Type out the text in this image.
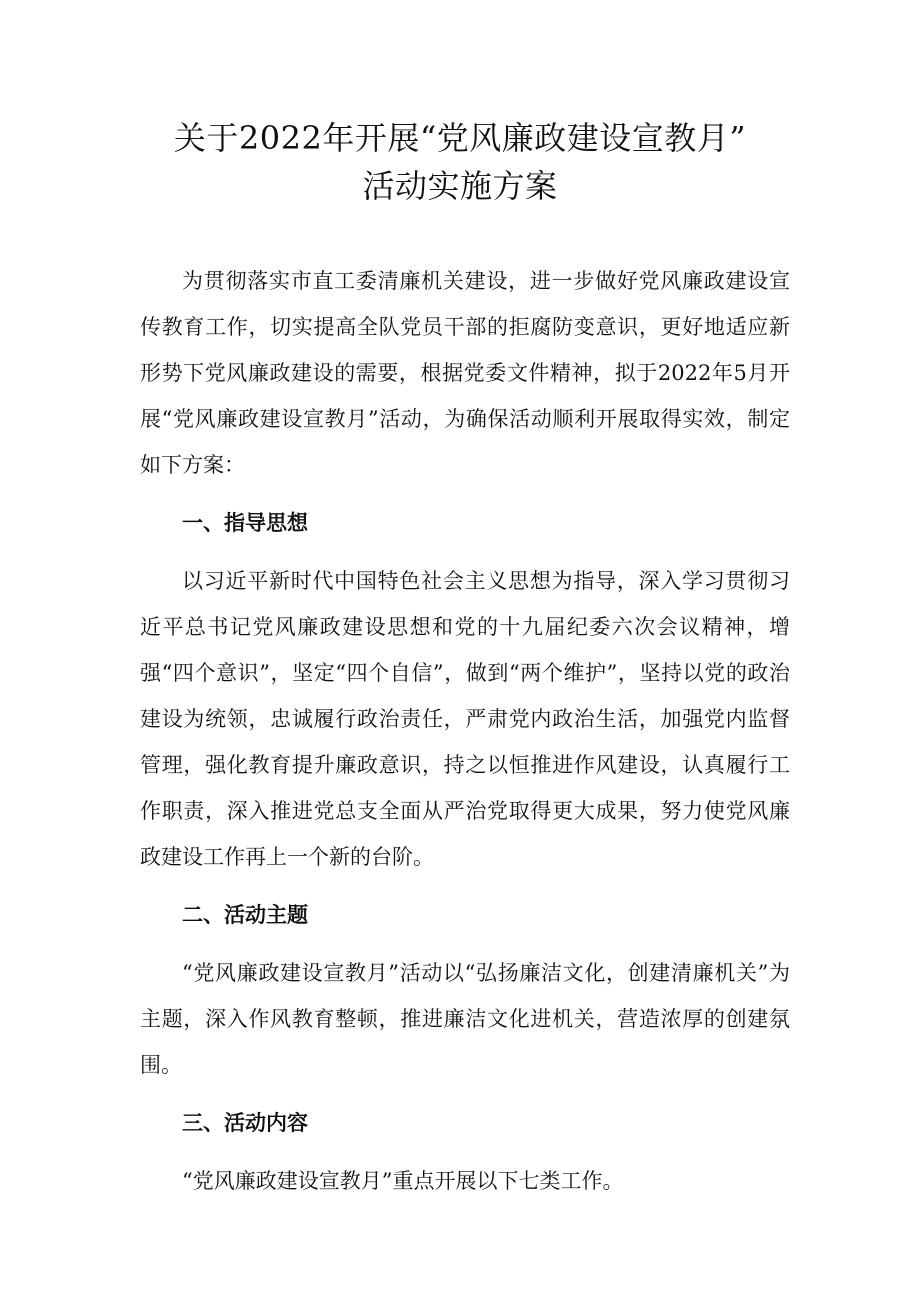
关于2022年开展“党风廉政建设宣教月”
活动实施方案

为贯彻落实市直工委清廉机关建设，进一步做好党风廉政建设宣传教育工作，切实提高全队党员干部的拒腐防变意识，更好地适应新形势下党风廉政建设的需要，根据党委文件精神，拟于2022年5月开展“党风廉政建设宣教月”活动，为确保活动顺利开展取得实效，制定如下方案：

一、指导思想

以习近平新时代中国特色社会主义思想为指导，深入学习贯彻习近平总书记党风廉政建设思想和党的十九届纪委六次会议精神，增强“四个意识”，坚定“四个自信”，做到“两个维护”，坚持以党的政治建设为统领，忠诚履行政治责任，严肃党内政治生活，加强党内监督管理，强化教育提升廉政意识，持之以恒推进作风建设，认真履行工作职责，深入推进党总支全面从严治党取得更大成果，努力使党风廉政建设工作再上一个新的台阶。

二、活动主题

“党风廉政建设宣教月”活动以“弘扬廉洁文化，创建清廉机关”为主题，深入作风教育整顿，推进廉洁文化进机关，营造浓厚的创建氛围。

三、活动内容

“党风廉政建设宣教月”重点开展以下七类工作。
